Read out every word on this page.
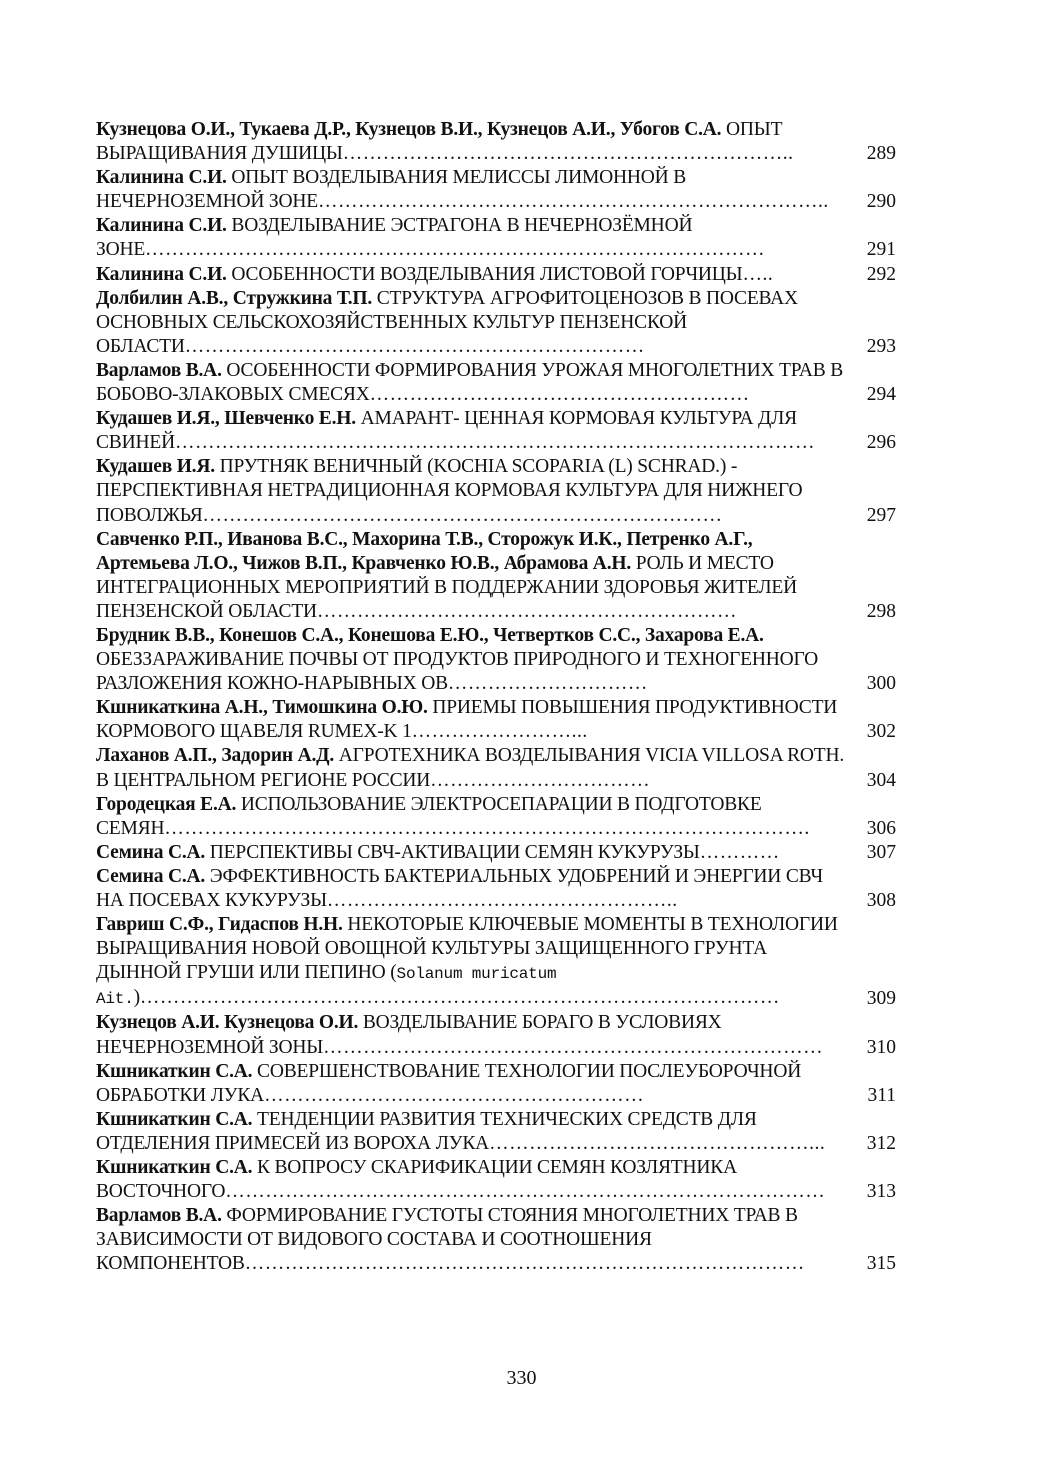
Кузнецова О.И., Тукаева Д.Р., Кузнецов В.И., Кузнецов А.И., Убогов С.А. ОПЫТ ВЫРАЩИВАНИЯ ДУШИЦЫ…………………………………………………………..	289
Калинина С.И. ОПЫТ ВОЗДЕЛЫВАНИЯ МЕЛИССЫ ЛИМОННОЙ В НЕЧЕРНОЗЕМНОЙ ЗОНЕ…………………………………………………………………..	290
Калинина С.И. ВОЗДЕЛЫВАНИЕ ЭСТРАГОНА В НЕЧЕРНОЗЁМНОЙ ЗОНЕ…………………………………………………………………………………	291
Калинина С.И. ОСОБЕННОСТИ ВОЗДЕЛЫВАНИЯ ЛИСТОВОЙ ГОРЧИЦЫ…..	292
Долбилин А.В., Стружкина Т.П. СТРУКТУРА АГРОФИТОЦЕНОЗОВ В ПОСЕВАХ ОСНОВНЫХ СЕЛЬСКОХОЗЯЙСТВЕННЫХ КУЛЬТУР ПЕНЗЕНСКОЙ ОБЛАСТИ……………………………………………………………	293
Варламов В.А. ОСОБЕННОСТИ ФОРМИРОВАНИЯ УРОЖАЯ МНОГОЛЕТНИХ ТРАВ В БОБОВО-ЗЛАКОВЫХ СМЕСЯХ…………………………………………………	294
Кудашев И.Я., Шевченко Е.Н. АМАРАНТ- ЦЕННАЯ КОРМОВАЯ КУЛЬТУРА ДЛЯ СВИНЕЙ……………………………………………………………………………………	296
Кудашев И.Я. ПРУТНЯК ВЕНИЧНЫЙ (KOCHIA SCOPARIA (L) SCHRAD.) - ПЕРСПЕКТИВНАЯ НЕТРАДИЦИОННАЯ КОРМОВАЯ КУЛЬТУРА ДЛЯ НИЖНЕГО ПОВОЛЖЬЯ……………………………………………………………………	297
Савченко Р.П., Иванова В.С., Махорина Т.В., Сторожук И.К., Петренко А.Г., Артемьева Л.О., Чижов В.П., Кравченко Ю.В., Абрамова А.Н. РОЛЬ И МЕСТО ИНТЕГРАЦИОННЫХ МЕРОПРИЯТИЙ В ПОДДЕРЖАНИИ ЗДОРОВЬЯ ЖИТЕЛЕЙ ПЕНЗЕНСКОЙ ОБЛАСТИ………………………………………………………	298
Брудник В.В., Конешов С.А., Конешова Е.Ю., Четвертков С.С., Захарова Е.А. ОБЕЗЗАРАЖИВАНИЕ ПОЧВЫ ОТ ПРОДУКТОВ ПРИРОДНОГО И ТЕХНОГЕННОГО РАЗЛОЖЕНИЯ КОЖНО-НАРЫВНЫХ ОВ…………………………	300
Кшникаткина А.Н., Тимошкина О.Ю. ПРИЕМЫ ПОВЫШЕНИЯ ПРОДУКТИВНОСТИ КОРМОВОГО ЩАВЕЛЯ RUMEX-K 1……………………...	302
Лаханов А.П., Задорин А.Д. АГРОТЕХНИКА ВОЗДЕЛЫВАНИЯ VICIA VILLOSA ROTH. В ЦЕНТРАЛЬНОМ РЕГИОНЕ РОССИИ……………………………	304
Городецкая Е.А. ИСПОЛЬЗОВАНИЕ ЭЛЕКТРОСЕПАРАЦИИ В ПОДГОТОВКЕ СЕМЯН…………………………………………………………………………………….	306
Семина С.А. ПЕРСПЕКТИВЫ СВЧ-АКТИВАЦИИ СЕМЯН КУКУРУЗЫ…………	307
Семина С.А. ЭФФЕКТИВНОСТЬ БАКТЕРИАЛЬНЫХ УДОБРЕНИЙ И ЭНЕРГИИ СВЧ НА ПОСЕВАХ КУКУРУЗЫ……………………………………………..	308
Гавриш С.Ф., Гидаспов Н.Н. НЕКОТОРЫЕ КЛЮЧЕВЫЕ МОМЕНТЫ В ТЕХНОЛОГИИ ВЫРАЩИВАНИЯ НОВОЙ ОВОЩНОЙ КУЛЬТУРЫ ЗАЩИЩЕННОГО ГРУНТА ДЫННОЙ ГРУШИ ИЛИ ПЕПИНО (Solanum muricatum Ait.)……………………………………………………………………………………	309
Кузнецов А.И. Кузнецова О.И. ВОЗДЕЛЫВАНИЕ БОРАГО В УСЛОВИЯХ НЕЧЕРНОЗЕМНОЙ ЗОНЫ…………………………………………………………………	310
Кшникаткин С.А. СОВЕРШЕНСТВОВАНИЕ ТЕХНОЛОГИИ ПОСЛЕУБОРОЧНОЙ ОБРАБОТКИ ЛУКА…………………………………………………	311
Кшникаткин С.А. ТЕНДЕНЦИИ РАЗВИТИЯ ТЕХНИЧЕСКИХ СРЕДСТВ ДЛЯ ОТДЕЛЕНИЯ ПРИМЕСЕЙ ИЗ ВОРОХА ЛУКА…………………………………………...	312
Кшникаткин С.А. К ВОПРОСУ СКАРИФИКАЦИИ СЕМЯН КОЗЛЯТНИКА ВОСТОЧНОГО………………………………………………………………………………	313
Варламов В.А. ФОРМИРОВАНИЕ ГУСТОТЫ СТОЯНИЯ МНОГОЛЕТНИХ ТРАВ В ЗАВИСИМОСТИ ОТ ВИДОВОГО СОСТАВА И СООТНОШЕНИЯ КОМПОНЕНТОВ…………………………………………………………………………	315
330
